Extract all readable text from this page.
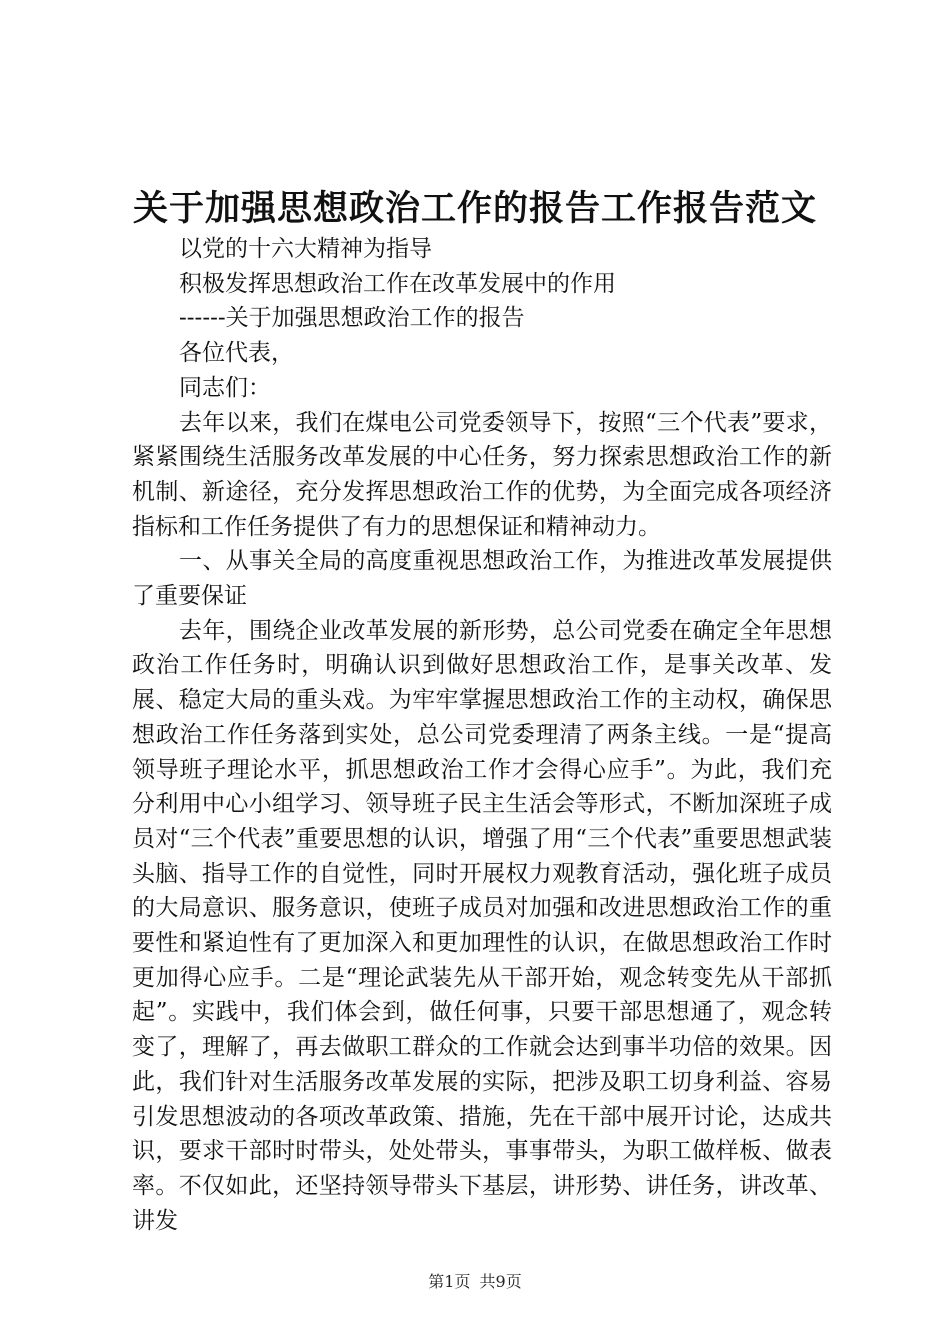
关于加强思想政治工作的报告工作报告范文

以党的十六大精神为指导

积极发挥思想政治工作在改革发展中的作用

------关于加强思想政治工作的报告

各位代表，

同志们：

去年以来，我们在煤电公司党委领导下，按照“三个代表”要求，紧紧围绕生活服务改革发展的中心任务，努力探索思想政治工作的新机制、新途径，充分发挥思想政治工作的优势，为全面完成各项经济指标和工作任务提供了有力的思想保证和精神动力。

一、从事关全局的高度重视思想政治工作，为推进改革发展提供了重要保证

去年，围绕企业改革发展的新形势，总公司党委在确定全年思想政治工作任务时，明确认识到做好思想政治工作，是事关改革、发展、稳定大局的重头戏。为牢牢掌握思想政治工作的主动权，确保思想政治工作任务落到实处，总公司党委理清了两条主线。一是“提高领导班子理论水平，抓思想政治工作才会得心应手”。为此，我们充分利用中心小组学习、领导班子民主生活会等形式，不断加深班子成员对“三个代表”重要思想的认识，增强了用“三个代表”重要思想武装头脑、指导工作的自觉性，同时开展权力观教育活动，强化班子成员的大局意识、服务意识，使班子成员对加强和改进思想政治工作的重要性和紧迫性有了更加深入和更加理性的认识，在做思想政治工作时更加得心应手。二是“理论武装先从干部开始，观念转变先从干部抓起”。实践中，我们体会到，做任何事，只要干部思想通了，观念转变了，理解了，再去做职工群众的工作就会达到事半功倍的效果。因此，我们针对生活服务改革发展的实际，把涉及职工切身利益、容易引发思想波动的各项改革政策、措施，先在干部中展开讨论，达成共识，要求干部时时带头，处处带头，事事带头，为职工做样板、做表率。不仅如此，还坚持领导带头下基层，讲形势、讲任务，讲改革、讲发

第1页 共9页
